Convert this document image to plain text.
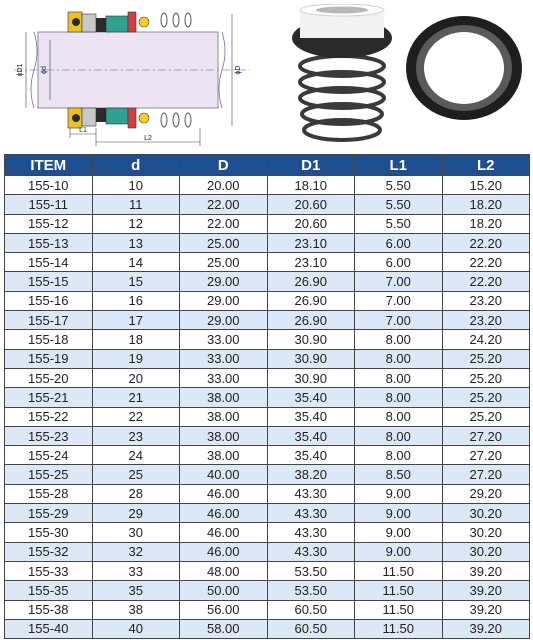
ϕD1 ϕd	ϕD
L1
L2
ITEM	d	D	D1	L1	L2
155-10	10	20.00	18.10	5.50	15.20
155-11	11	22.00	20.60	5.50	18.20
155-12	12	22.00	20.60	5.50	18.20
155-13	13	25.00	23.10	6.00	22.20
155-14	14	25.00	23.10	6.00	22.20
155-15	15	29.00	26.90	7.00	22.20
155-16	16	29.00	26.90	7.00	23.20
155-17	17	29.00	26.90	7.00	23.20
155-18	18	33.00	30.90	8.00	24.20
155-19	19	33.00	30.90	8.00	25.20
155-20	20	33.00	30.90	8.00	25.20
155-21	21	38.00	35.40	8.00	25.20
155-22	22	38.00	35.40	8.00	25.20
155-23	23	38.00	35.40	8.00	27.20
155-24	24	38.00	35.40	8.00	27.20
155-25	25	40.00	38.20	8.50	27.20
155-28	28	46.00	43.30	9.00	29.20
155-29	29	46.00	43.30	9.00	30.20
155-30	30	46.00	43.30	9.00	30.20
155-32	32	46.00	43.30	9.00	30.20
155-33	33	48.00	53.50	11.50	39.20
155-35	35	50.00	53.50	11.50	39.20
155-38	38	56.00	60.50	11.50	39.20
155-40	40	58.00	60.50	11.50	39.20
